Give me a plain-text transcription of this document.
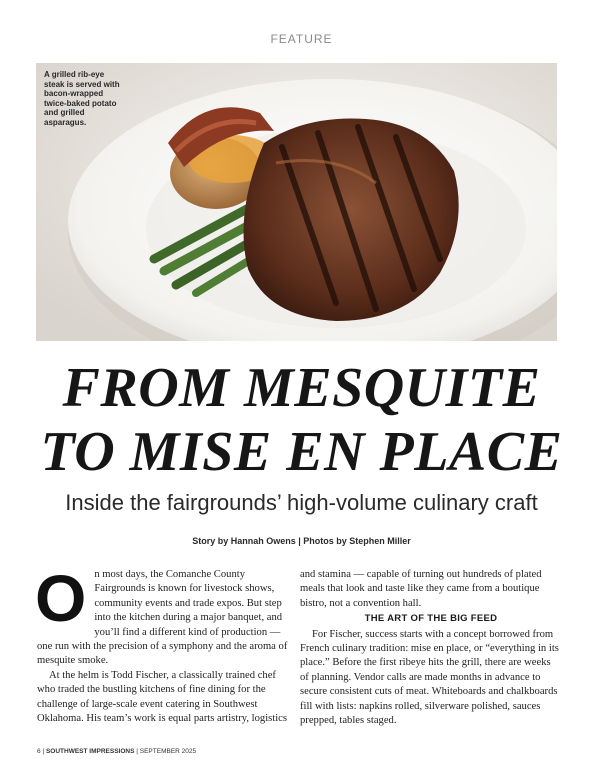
FEATURE

A grilled rib-eye steak is served with bacon-wrapped twice-baked potato and grilled asparagus.

FROM MESQUITE
TO MISE EN PLACE
Inside the fairgrounds’ high-volume culinary craft

Story by Hannah Owens | Photos by Stephen Miller

On most days, the Comanche County Fairgrounds is known for livestock shows, community events and trade expos. But step into the kitchen during a major banquet, and you’ll find a different kind of production — one run with the precision of a symphony and the aroma of mesquite smoke.

At the helm is Todd Fischer, a classically trained chef who traded the bustling kitchens of fine dining for the challenge of large-scale event catering in Southwest Oklahoma. His team’s work is equal parts artistry, logistics

and stamina — capable of turning out hundreds of plated meals that look and taste like they came from a boutique bistro, not a convention hall.

THE ART OF THE BIG FEED

For Fischer, success starts with a concept borrowed from French culinary tradition: mise en place, or “everything in its place.” Before the first ribeye hits the grill, there are weeks of planning. Vendor calls are made months in advance to secure consistent cuts of meat. Whiteboards and chalkboards fill with lists: napkins rolled, silverware polished, sauces prepped, tables staged.

6 | SOUTHWEST IMPRESSIONS | SEPTEMBER 2025
